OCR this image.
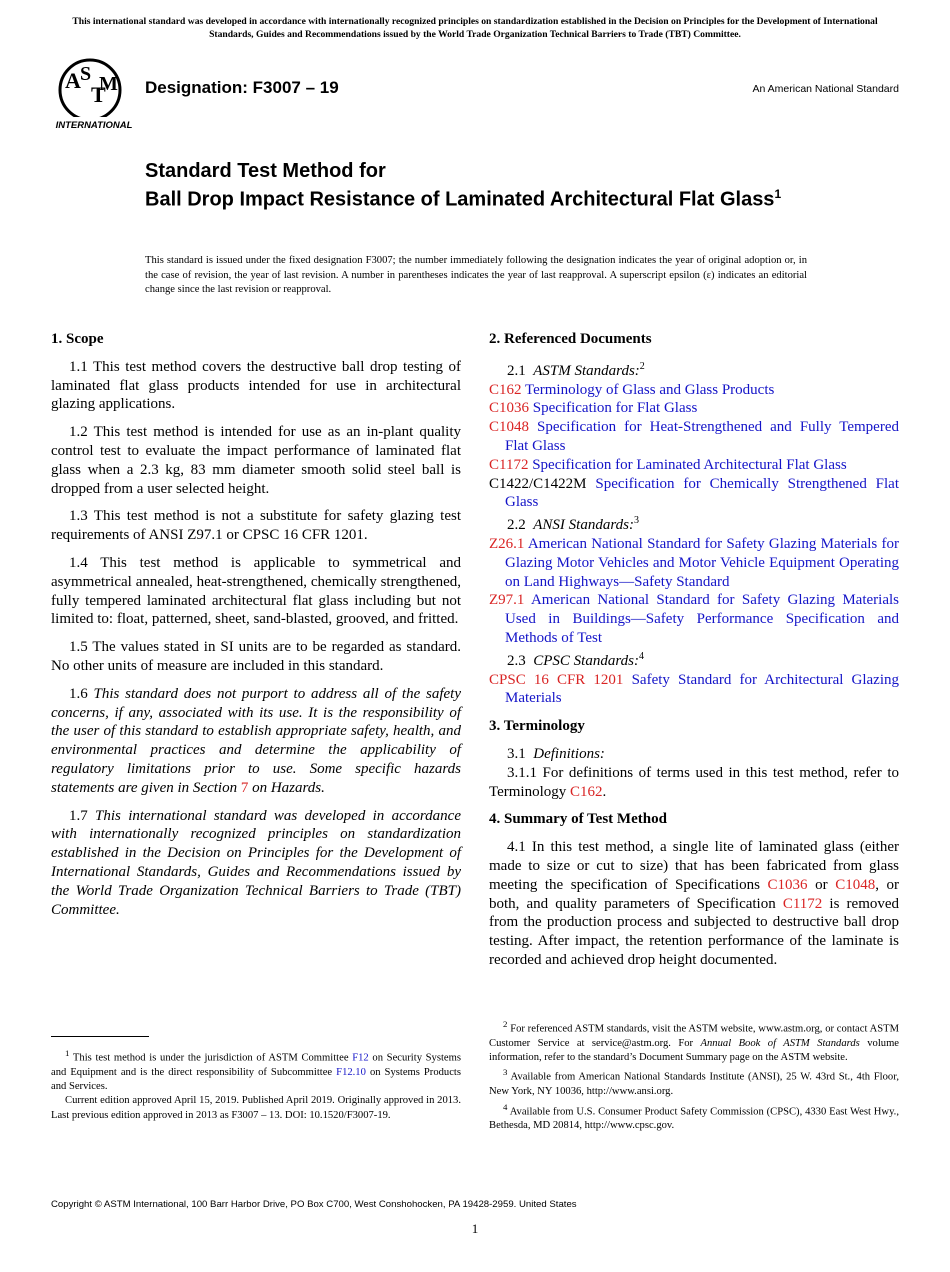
This international standard was developed in accordance with internationally recognized principles on standardization established in the Decision on Principles for the Development of International Standards, Guides and Recommendations issued by the World Trade Organization Technical Barriers to Trade (TBT) Committee.
A S
T
M
INTERNATIONAL
Designation: F3007 – 19	An American National Standard
Standard Test Method for
Ball Drop Impact Resistance of Laminated Architectural Flat Glass$^1$
This standard is issued under the fixed designation F3007; the number immediately following the designation indicates the year of original adoption or, in the case of revision, the year of last revision. A number in parentheses indicates the year of last reapproval. A superscript epsilon (ε) indicates an editorial change since the last revision or reapproval.
1. Scope

1.1 This test method covers the destructive ball drop testing of laminated flat glass products intended for use in architectural glazing applications.

1.2 This test method is intended for use as an in-plant quality control test to evaluate the impact performance of laminated flat glass when a 2.3 kg, 83 mm diameter smooth solid steel ball is dropped from a user selected height.

1.3 This test method is not a substitute for safety glazing test requirements of ANSI Z97.1 or CPSC 16 CFR 1201.

1.4 This test method is applicable to symmetrical and asymmetrical annealed, heat-strengthened, chemically strengthened, fully tempered laminated architectural flat glass including but not limited to: float, patterned, sheet, sand-blasted, grooved, and fritted.

1.5 The values stated in SI units are to be regarded as standard. No other units of measure are included in this standard.

1.6 This standard does not purport to address all of the safety concerns, if any, associated with its use. It is the responsibility of the user of this standard to establish appropriate safety, health, and environmental practices and determine the applicability of regulatory limitations prior to use. Some specific hazards statements are given in Section 7 on Hazards.

1.7 This international standard was developed in accordance with internationally recognized principles on standardization established in the Decision on Principles for the Development of International Standards, Guides and Recommendations issued by the World Trade Organization Technical Barriers to Trade (TBT) Committee.

2. Referenced Documents

2.1 ASTM Standards:$^2$

C162 Terminology of Glass and Glass Products

C1036 Specification for Flat Glass

C1048 Specification for Heat-Strengthened and Fully Tempered Flat Glass

C1172 Specification for Laminated Architectural Flat Glass

C1422/C1422M Specification for Chemically Strengthened Flat Glass

2.2 ANSI Standards:$^3$

Z26.1 American National Standard for Safety Glazing Materials for Glazing Motor Vehicles and Motor Vehicle Equipment Operating on Land Highways—Safety Standard

Z97.1 American National Standard for Safety Glazing Materials Used in Buildings—Safety Performance Specification and Methods of Test

2.3 CPSC Standards:$^4$

CPSC 16 CFR 1201 Safety Standard for Architectural Glazing Materials

3. Terminology

3.1 Definitions:

3.1.1 For definitions of terms used in this test method, refer to Terminology C162.

4. Summary of Test Method

4.1 In this test method, a single lite of laminated glass (either made to size or cut to size) that has been fabricated from glass meeting the specification of Specifications C1036 or C1048, or both, and quality parameters of Specification C1172 is removed from the production process and subjected to destructive ball drop testing. After impact, the retention performance of the laminate is recorded and achieved drop height documented.

$^1$ This test method is under the jurisdiction of ASTM Committee F12 on Security Systems and Equipment and is the direct responsibility of Subcommittee F12.10 on Systems Products and Services.

Current edition approved April 15, 2019. Published April 2019. Originally approved in 2013. Last previous edition approved in 2013 as F3007 – 13. DOI: 10.1520/F3007-19.

$^2$ For referenced ASTM standards, visit the ASTM website, www.astm.org, or contact ASTM Customer Service at service@astm.org. For Annual Book of ASTM Standards volume information, refer to the standard’s Document Summary page on the ASTM website.

$^3$ Available from American National Standards Institute (ANSI), 25 W. 43rd St., 4th Floor, New York, NY 10036, http://www.ansi.org.

$^4$ Available from U.S. Consumer Product Safety Commission (CPSC), 4330 East West Hwy., Bethesda, MD 20814, http://www.cpsc.gov.

Copyright © ASTM International, 100 Barr Harbor Drive, PO Box C700, West Conshohocken, PA 19428-2959. United States
1
